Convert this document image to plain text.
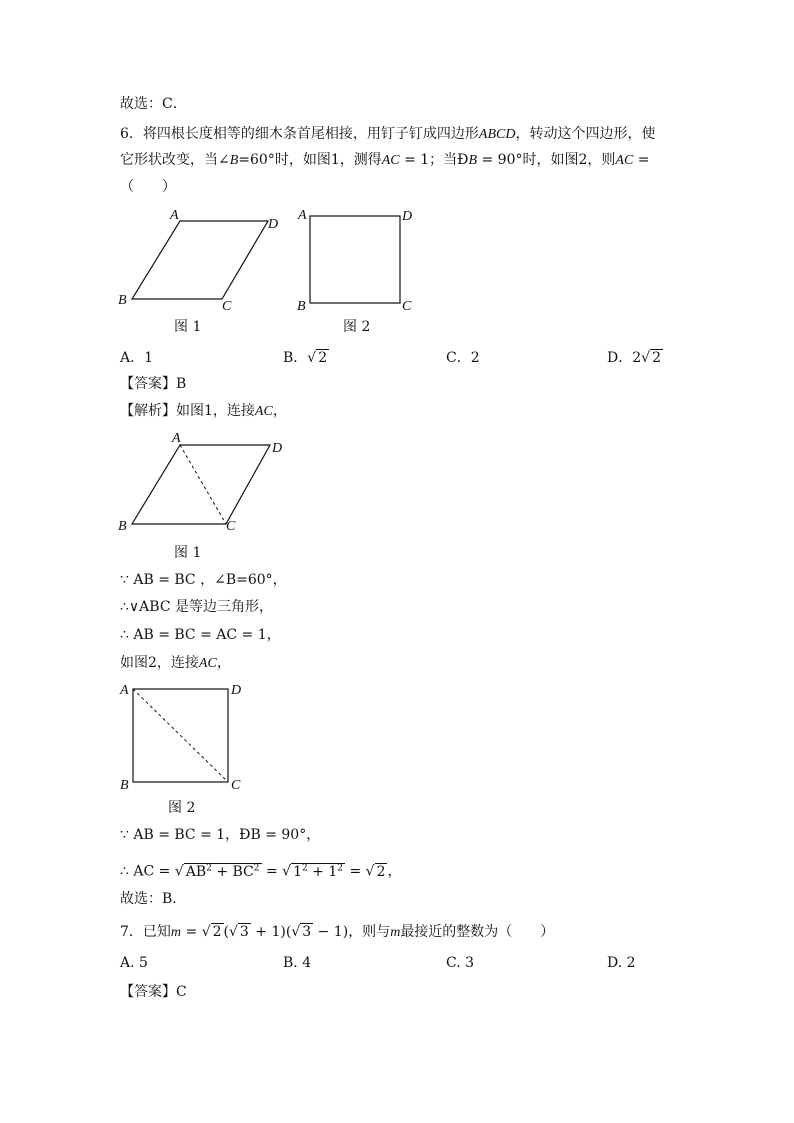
故选：C．
6．将四根长度相等的细木条首尾相接，用钉子钉成四边形ABCD，转动这个四边形，使
它形状改变，当∠B=60°时，如图1，测得AC = 1；当ÐB = 90°时，如图2，则AC =
（　　）
A
D
B	C
图 1
A	D
B	C
图 2
A．1	B．√ 2	C．2	D．2√ 2
【答案】B
【解析】如图1，连接AC，
A
D
B	C
图 1
∵ AB = BC ，∠B=60°，
∴∨ABC 是等边三角形，
∴ AB = BC = AC = 1，
如图2，连接AC，
A	D
B	C
图 2
∵ AB = BC = 1，ÐB = 90°，
∴ AC = √ $AB^2 + BC^2$ = √ $1^2 + 1^2$ = √ 2 ，
故选：B．
7．已知m = √ 2 (√ 3 + 1)(√ 3 − 1)，则与m最接近的整数为（　　）
A. 5	B. 4	C. 3	D. 2
【答案】C
